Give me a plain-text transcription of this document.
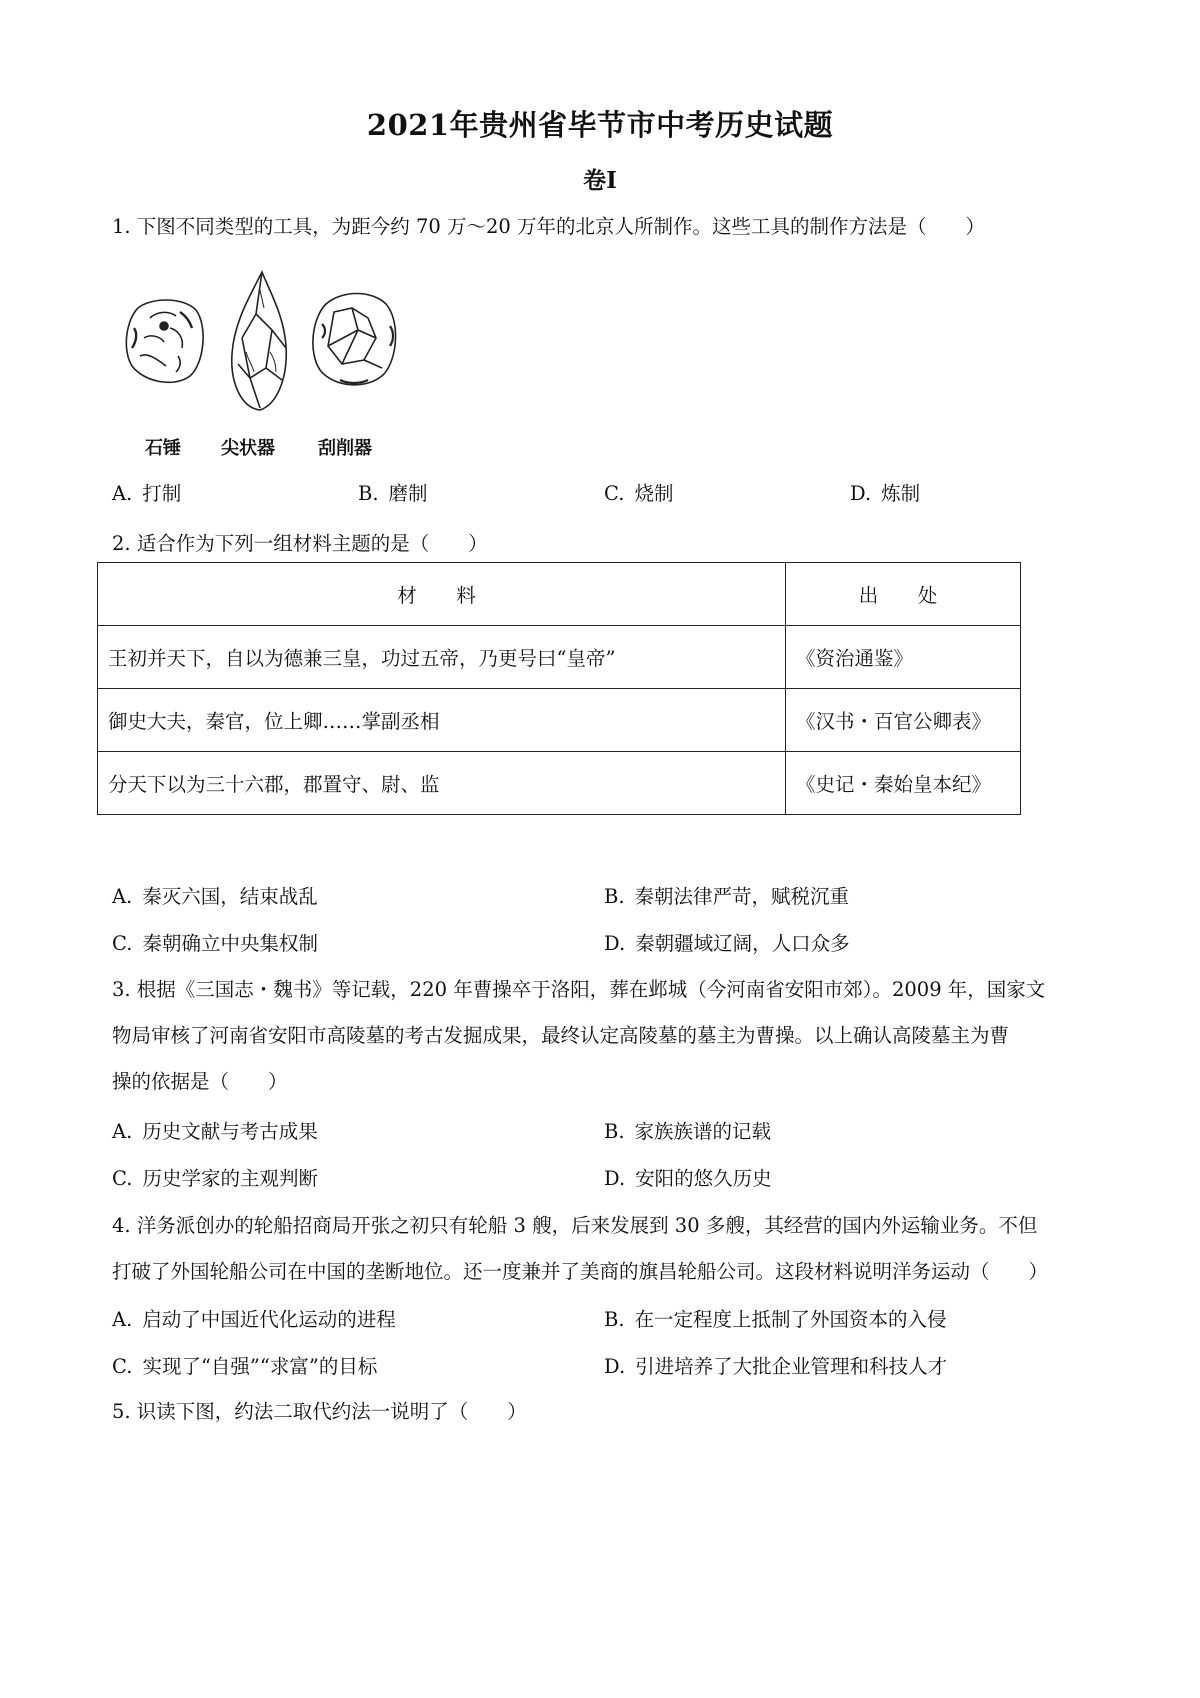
2021年贵州省毕节市中考历史试题
卷Ⅰ
1. 下图不同类型的工具，为距今约 70 万～20 万年的北京人所制作。这些工具的制作方法是（　　）
石锤 尖状器 刮削器
A. 打制	B. 磨制	C. 烧制	D. 炼制
2. 适合作为下列一组材料主题的是（　　）
材　料	出　处
王初并天下，自以为德兼三皇，功过五帝，乃更号曰“皇帝”	《资治通鉴》
御史大夫，秦官，位上卿……掌副丞相	《汉书・百官公卿表》
分天下以为三十六郡，郡置守、尉、监	《史记・秦始皇本纪》
A. 秦灭六国，结束战乱	B. 秦朝法律严苛，赋税沉重
C. 秦朝确立中央集权制	D. 秦朝疆域辽阔，人口众多
3. 根据《三国志・魏书》等记载，220 年曹操卒于洛阳，葬在邺城（今河南省安阳市郊）。2009 年，国家文
物局审核了河南省安阳市高陵墓的考古发掘成果，最终认定高陵墓的墓主为曹操。以上确认高陵墓主为曹
操的依据是（　　）
A. 历史文献与考古成果	B. 家族族谱的记载
C. 历史学家的主观判断	D. 安阳的悠久历史
4. 洋务派创办的轮船招商局开张之初只有轮船 3 艘，后来发展到 30 多艘，其经营的国内外运输业务。不但
打破了外国轮船公司在中国的垄断地位。还一度兼并了美商的旗昌轮船公司。这段材料说明洋务运动（　　）
A. 启动了中国近代化运动的进程	B. 在一定程度上抵制了外国资本的入侵
C. 实现了“自强”“求富”的目标	D. 引进培养了大批企业管理和科技人才
5. 识读下图，约法二取代约法一说明了（　　）
